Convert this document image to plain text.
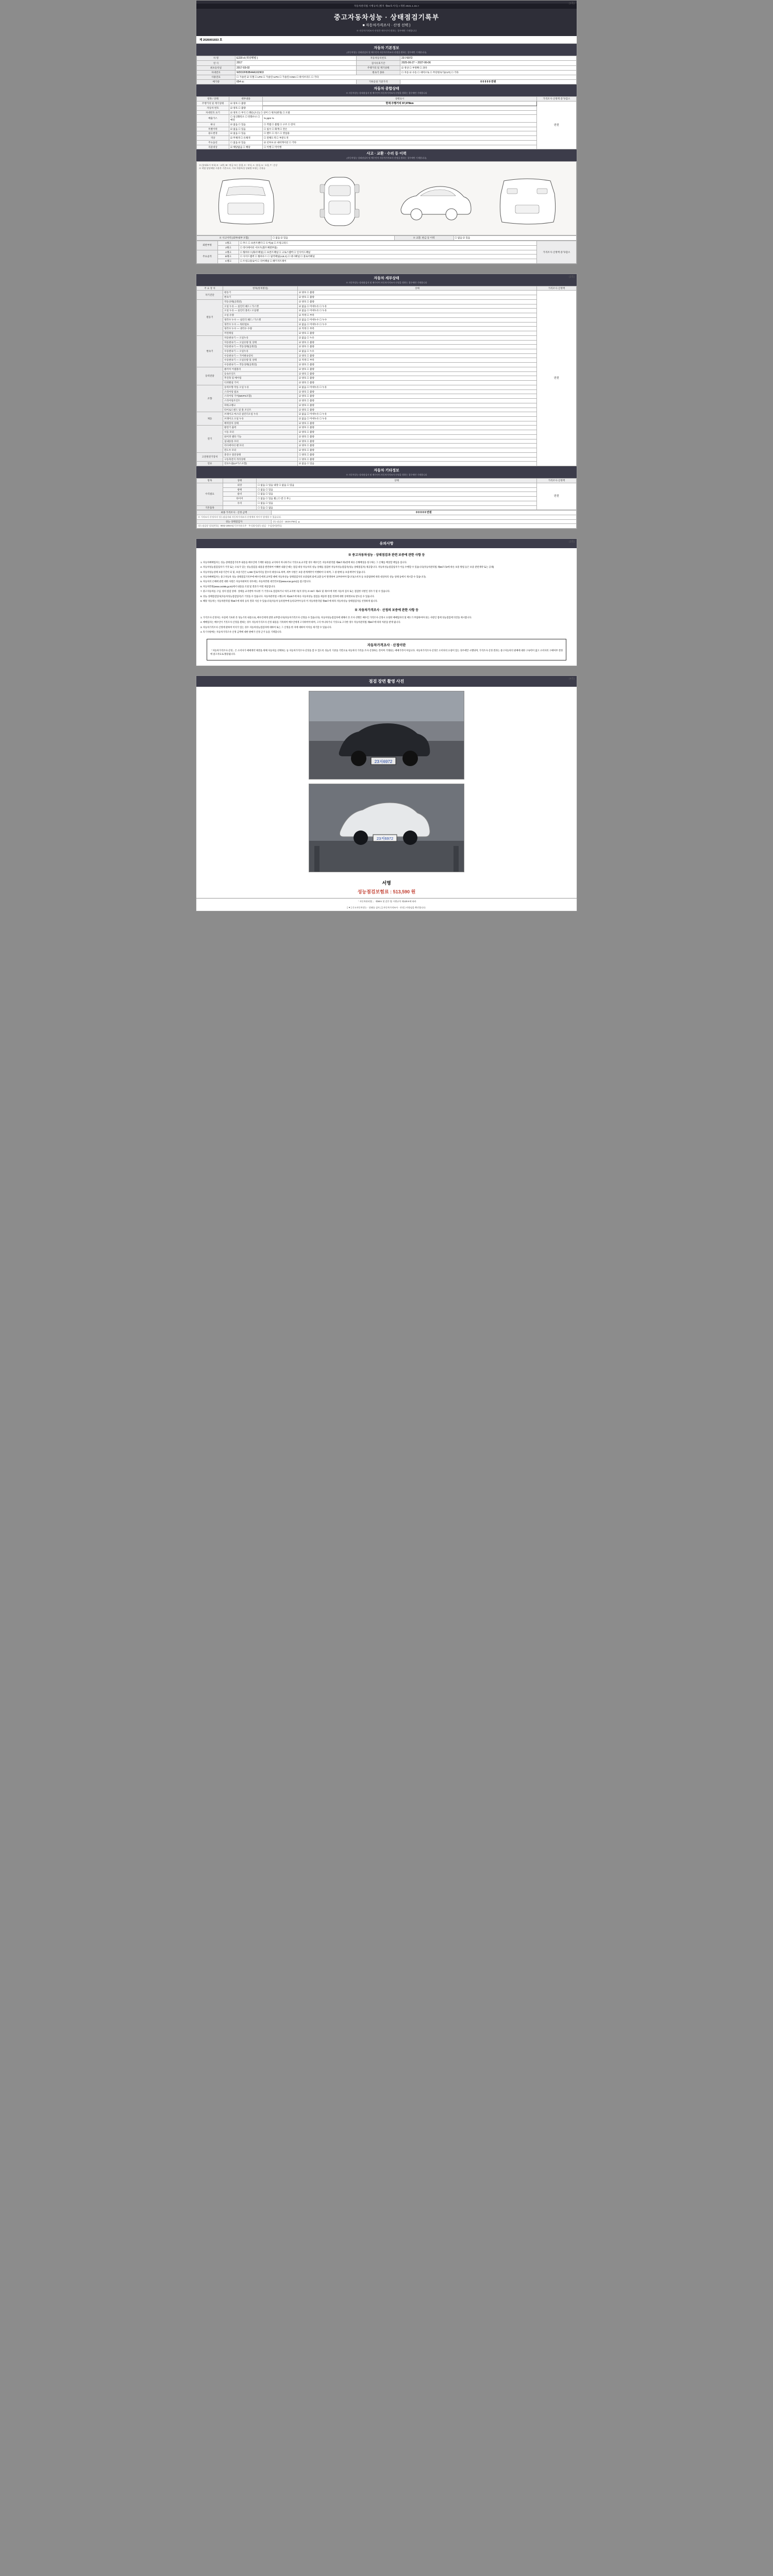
(1쪽)
자동차관리법 시행규칙 [별지 제82호서식] <개정 2021.1.15.>
중고자동차성능 · 상태점검기록부
■ 자동차가격조사 · 산정 선택 )
※ 자동차가격조사·산정은 매수인이 원하는 경우에만 기재합니다
제 2026001933 호
자동차 기본정보
(자동차성능·상태점검자 및 매수인이 자동차가격조사·산정을 원하는 경우에만 기재합니다)
차 명	E220 d (색상행렬 )	자동차등록번호	23구6972
연 식	2017	검사유효기간	2025-06-27 ~ 2027-06-06
최초등록일	2017-03-02	주행거리 및 계기상태	☑ 정상 ☐ 부정확 ☐ 과다
차대번호	WDD2FB3B44A162903	변속기 종류	☐ 자동 ☑ 수동 ☐ 세미오토 ☐ 무단변속기(CVT) ☐ 기타
사용연료	☐ 가솔린 ☑ 디젤 ☐ LPG ☐ 가솔린+LPG ☐ 가솔린+CNG ☐ 하이브리드 ☐ 기타		
배기량	654 cc	기하공칭 기준가격	0 0 0 0 0 만원
자동차 종합상태
※ 자동차성능·상태점검자 및 매수인이 자동차가격조사·산정을 원하는 경우에만 기재합니다
항목 / 상태	세부내용	상태표시	가격조사·산정액 증가/감소
주행거리 및 계기상태	☑ 양호 ☐ 불량	현재 주행거리 97,979km	만원
자동차 번호	☑ 양호 ☐ 불량		
차대번호 표기	☑ 양호 ☐ 부식 ☐ 훼손(오손) ☐ 상이 ☐ 변조(변경) ☐ 도말		
배출가스	☐ 일산화탄소 ☐ 탄화수소 ☐ 매연	% ppm %	
튜닝	☑ 없음 ☐ 있음	☐ 적법 ☐ 불법 ☐ 구조 ☐ 장치	
특별이력	☑ 없음 ☐ 있음	☐ 침수 ☐ 화재 ☐ 전손	
용도변경	☑ 없음 ☐ 있음	☐ 렌트 ☐ 리스 ☐ 영업용	
색상	☑ 무채색 ☐ 유채색	☐ 전체도색 ☐ 부분도색	
주요옵션	☐ 없음 ☑ 있음	☑ 선루프 ☑ 내비게이션 ☐ 기타	
리콜대상	☑ 해당없음 ☐ 해당	☐ 이행 ☐ 미이행	
사고 · 교환 · 수리 등 이력
(자동차성능·상태점검자 및 매수인이 자동차가격조사·산정을 원하는 경우에만 기재합니다)
※ (상태표시 부호) X : 교환, W : 판금 또는 용접, C : 부식, A : 흠집, U : 요철, T : 손상
※ 착탈 담당해당 사용후 기준으로, 기타 차량특성 상태별 부위는 중분류
※ 사고이력 (외부/내부 포함)	☐ 없음 ☑ 있음	※ 교환, 판금 등 이력	☐ 없음 ☑ 있음
외판부위	1랭크	☐ 후드 ☐ 프론트팬더 ☐ 도어(4) ☐ 트렁크리드	가격조사·산정액 증가/감소
	2랭크	☐ 라디에이터 서포트(볼트체결부품)	
주요골격	A랭크	☐ 휠하우스(좌/우패널) ☐ 프론트패널 ☐ 크로스멤버 ☐ 인사이드패널	
	B랭크	☐ 사이드멤버 ☐ 휠하우스 ☐ 필러패널(A,B,C) ☐ 대시패널 ☐ 플로어패널	
	C랭크	☐ 트렁크플로어 ☐ 리어패널 ☐ 패키지트레이	
(2쪽)
자동차 세부상태
※ 자동차성능·상태점검자 및 매수인이 자동차가격조사·산정을 원하는 경우에만 기재합니다
주 요 장 치	항목(항목명칭)	상태	가격조사·산정액
자기진단	원동기	☑ 양호 ☐ 불량	만원
	변속기	☑ 양호 ☐ 불량	
원동기	작동상태(공회전)	☑ 양호 ☐ 불량	
	오일 누유 — 실린더 헤드 / 가스켓	☑ 없음 ☐ 미세누유 ☐ 누유	
	오일 누유 — 실린더 블록 / 오일팬	☑ 없음 ☐ 미세누유 ☐ 누유	
	오일 유량	☑ 적정 ☐ 부족	
	냉각수 누수 — 실린더 헤드 / 가스켓	☑ 없음 ☐ 미세누수 ☐ 누수	
	냉각수 누수 — 워터펌프	☑ 없음 ☐ 미세누수 ☐ 누수	
	냉각수 누수 — 냉각수 수량	☑ 적정 ☐ 부족	
	커먼레일	☑ 양호 ☐ 불량	
변속기	자동변속기 — 오일누유	☑ 없음 ☐ 누유	
	자동변속기 — 오일유량 및 상태	☑ 양호 ☐ 불량	
	자동변속기 — 작동상태(공회전)	☑ 양호 ☐ 불량	
	수동변속기 — 오일누유	☑ 없음 ☐ 누유	
	수동변속기 — 기어변속장치	☑ 양호 ☐ 불량	
	수동변속기 — 오일유량 및 상태	☑ 적정 ☐ 부족	
	수동변속기 — 작동상태(공회전)	☑ 양호 ☐ 불량	
동력전달	클러치 어셈블리	☑ 양호 ☐ 불량	
	등속조인트	☑ 양호 ☐ 불량	
	추진축 및 베어링	☑ 양호 ☐ 불량	
	디퍼렌셜 기어	☑ 양호 ☐ 불량	
조향	동력조향 작동 오일 누유	☑ 없음 ☐ 미세누유 ☐ 누유	
	스티어링 펌프	☑ 양호 ☐ 불량	
	스티어링 기어(MDPS포함)	☑ 양호 ☐ 불량	
	스티어링조인트	☑ 양호 ☐ 불량	
	파워크랭크	☑ 양호 ☐ 불량	
	타이로드엔드 및 볼 조인트	☑ 양호 ☐ 불량	
제동	브레이크 마스터 실린더오일 누유	☑ 없음 ☐ 미세누유 ☐ 누유	
	브레이크 오일 누유	☑ 없음 ☐ 미세누유 ☐ 누유	
	배력장치 상태	☑ 양호 ☐ 불량	
전기	발전기 출력	☑ 양호 ☐ 불량	
	시동 모터	☑ 양호 ☐ 불량	
	와이퍼 델타 기능	☑ 양호 ☐ 불량	
	실내송풍 모터	☑ 양호 ☐ 불량	
	라디에이터 팬 모터	☑ 양호 ☐ 불량	
	윈도우 모터	☑ 양호 ☐ 불량	
고전원전기장치	충전구 절연상태	☐ 양호 ☐ 불량	
	구동축전지 격리상태	☐ 양호 ☐ 불량	
연료	연료누출(LP가스포함)	☑ 없음 ☐ 있음	
자동차 기타정보
※ 자동차성능·상태점검자 및 매수인이 자동차가격조사·산정을 원하는 경우에만 기재합니다
항목	상태	상태	가격조사·산정액
수리필요	외장	☐ 없음 ☐ 있음 내장 ☐ 없음 ☐ 있음	만원
	광택	☐ 없음 ☐ 있음	
	룸비	☐ 없음 ☐ 있음	
	타이어	☐ 없음 ☐ 있음 휠 ( ☐ 전 ☐ 후 )	
	유리	☐ 없음 ☐ 있음	
기본품목		☐ 있음 ☐ 없음	
최종 가격조사 · 산정 금액	0 0 0 0 0 만원
※ 가격조사·산정자의 성능점검자와 자동차가격조사·산정액의 차이가 발생할 수 있습니다.	
성능·상태점검자	성능점검장 : 1533-2750을 ▲
성능점검장 상호(번호) : 9002-1994-5(기구/자유요주 · 주식회사)성능점검 · 수검장비(번호)	
(3쪽)
유의사항
※ 중고자동차성능 · 상태점검과 관련 보증에 관한 사항 등

1. 자동차매매업자는 성능·상태점검기록부 내용을 매수인에 기재한 내용을 교지하지 아니하거나 거짓으로 교지할 경우 매수인은 자동차관리법 제58조제1항에 따른 손해배상을 청구하는 그 손해를 배상할 책임을 집니다.

2. 자동차성능점검업자가 거짓 또는 오류가 있는 성능점검을 내용을 발견하여 이해한 내용인 때는 점검 대상 자동차의 성능·상태를 점검한 자동차성능점검자(성능·상태점검자) 제공합니다. 자동차성능점검업자가 이를 수행할 수 있습니다(자동차관리법 제58조의4에 따른 보증 방법 등은 보증 관련계약 또는 공채)

3. 자동차성능상태 보증기간이 되 및, 보증기간은 1,000 킬로미터를 할수리 대상으로 하며, 세부 사항은 보증 관계계약이 이행하여 다 하며, 그 중 판매 등 보증계약이 있습니다.

4. 자동차매매업자는 중고자동차 성능·상태점검기록부에 매수인에게 교부할 때에 자동차성능·상태점검자의 보증범위 외에 교환 등이 발생하여 교부하여야 합니다(소비자 등 보증범위에 따라 대상차의 성능·상태 등에서 제시할 수 있습니다).

5. 자동차의 손해에 관련 대한 사항은 자동차대여의 경우에는 자동차민원 대국민포털(www.ecar.go.kr)를 참고합니다.

6. 자동차민원(www.car365.go.kr)에서 내용을 조회 및 결과가 어떤 제공합니다.

7. 중고자동차를 구입, 성의 점검 상태 · 상태를 교지받아 아니한 거 거짓으로 점검하거나 처리 교지한 자(저 경우) 보 00조 제6호 및 제7조에 의한 자동차 검사 또는 점검한 사항인 경우가 될 수 있습니다.

8. 성능·상태점검업자(자동차성능점검업자)가 거짓을 수 있습니다. 자동차관리법 시행규칙 제120조에 따른 자동차성능 점검을 제공한 점검 결과에 대한 상세정보로 받으실 수 있습니다.

9. 해당 자동차는 자동차관리법 제58조에 따라 등록 결과 사실 수 있습니다(자동차 등록원부에 등록되어야 등의 미 자동차관리법 제58조에 따라 자동차성능·상태점검자를 선정하게 됩니다.

※ 자동차가격조사 · 산정의 보증에 관한 사항 등

1. 가격조사·산정자는 사실에 기초한 본 성능기록 내용으로, 매수인에게 설명·교부합니다(자동차가격조사·산정을 수 있습니다). 자동차성능점검자에 대해서 본 조사 선행은 매수인 가격조사·산정시 요청한 매매업자의 및 매도가 부담하여야 되는 사항인 점에 성능점검에 의견을 제시합니다.

2. 매매업자는 매수인이 거짓조사·산정을 원하는 경우 자동차가격조사·산정 내용을 기록하여 매수인에게 고지하여야 하며, 고지 아니하거나 거짓으로 고지한 경우 자동차관리법 제58조에 따라 처분을 받게 됩니다.

3. 자동차가격조사·산정에 관하여 이의가 있는 경우 자동차성능점검자에 대하여 또는 그 산정을 한 자에 대하여 이의를 제기할 수 있습니다.

4. 특기사항에는 자동차가격조사·산정 금액에 대한 판매가 산정 근거 등을 기재합니다.

자동차가격조사 · 산정이란

「자동차가격조사·산정」은 소비자가 매매계약 체결을 위해 자동차를 선택하는 등 자동차가격조사·산정을 할 수 있도록 성능의 기준을 기반으로 자동차의 가격을 조사·산정하는 것이며 거래되는 매매가격이 아닙니다. 자동차가격조사·산정은 소비자의 요청이 있는 경우에만 시행되며, 가격조사·산정 결과는 중고자동차의 판매에 대한 구속력이 없고 소비자의 구매여부 결정에 참고자료로 활용됩니다.

(4쪽)
점검 장면 촬영 사진
23저6972
23저6972
서명
성능점검보험료 : 513,590 원
「 자동차관리법 」 제58조 및 같은 법 시행규칙 제120조에 따라
[ ▼ ] 중고자동차성능 · 상태를 검사, [ ] 자동차가격조사 · 산정 ) 사항임을 확인합니다.
